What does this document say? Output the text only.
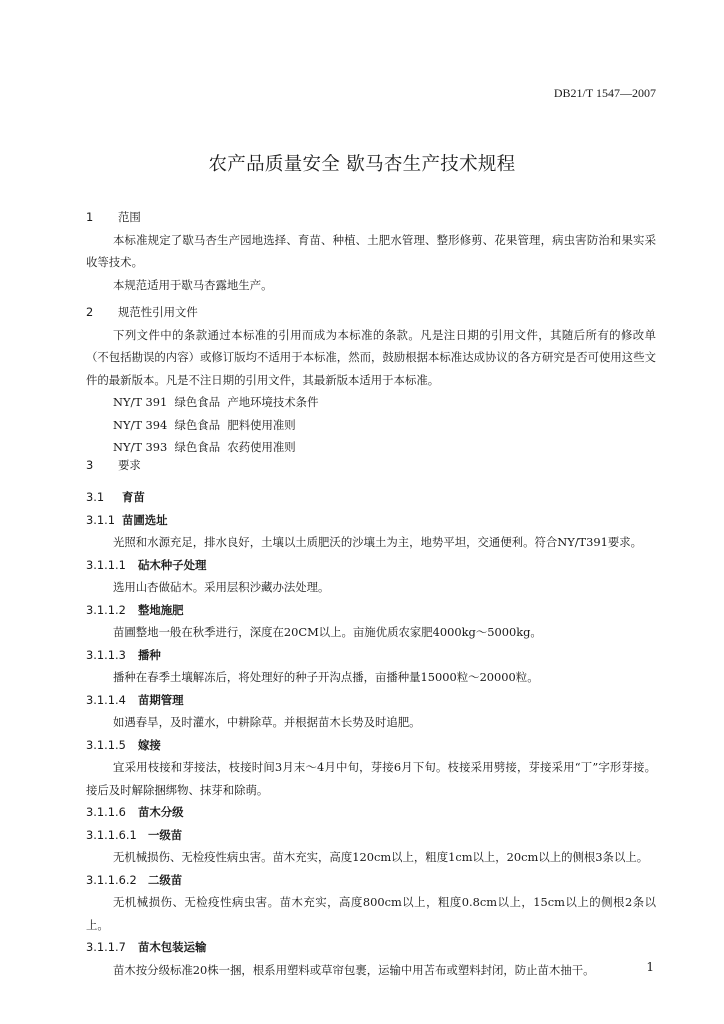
DB21/T 1547—2007
农产品质量安全 歇马杏生产技术规程
1 范围
本标准规定了歇马杏生产园地选择、育苗、种植、土肥水管理、整形修剪、花果管理，病虫害防治和果实采收等技术。
本规范适用于歇马杏露地生产。
2 规范性引用文件
下列文件中的条款通过本标准的引用而成为本标准的条款。凡是注日期的引用文件，其随后所有的修改单（不包括勘误的内容）或修订版均不适用于本标准，然而，鼓励根据本标准达成协议的各方研究是否可使用这些文件的最新版本。凡是不注日期的引用文件，其最新版本适用于本标准。
NY/T 391  绿色食品  产地环境技术条件
NY/T 394  绿色食品  肥料使用准则
NY/T 393  绿色食品  农药使用准则
3 要求
3.1 育苗
3.1.1 苗圃选址
光照和水源充足，排水良好，土壤以土质肥沃的沙壤土为主，地势平坦，交通便利。符合NY/T391要求。
3.1.1.1 砧木种子处理
选用山杏做砧木。采用层积沙藏办法处理。
3.1.1.2 整地施肥
苗圃整地一般在秋季进行，深度在20CM以上。亩施优质农家肥4000kg～5000kg。
3.1.1.3 播种
播种在春季土壤解冻后，将处理好的种子开沟点播，亩播种量15000粒～20000粒。
3.1.1.4 苗期管理
如遇春旱，及时灌水，中耕除草。并根据苗木长势及时追肥。
3.1.1.5 嫁接
宜采用枝接和芽接法，枝接时间3月末～4月中旬，芽接6月下旬。枝接采用劈接，芽接采用“丁”字形芽接。接后及时解除捆绑物、抹芽和除萌。
3.1.1.6 苗木分级
3.1.1.6.1 一级苗
无机械损伤、无检疫性病虫害。苗木充实，高度120cm以上，粗度1cm以上，20cm以上的侧根3条以上。
3.1.1.6.2 二级苗
无机械损伤、无检疫性病虫害。苗木充实，高度800cm以上，粗度0.8cm以上，15cm以上的侧根2条以上。
3.1.1.7 苗木包装运输
苗木按分级标准20株一捆，根系用塑料或草帘包裹，运输中用苫布或塑料封闭，防止苗木抽干。	1
